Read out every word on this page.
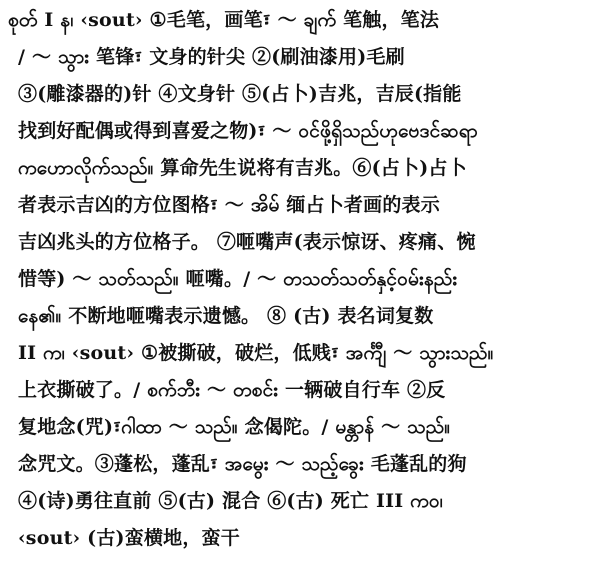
စုတ် I န၊ ‹sout› ①毛笔，画笔፣ ～ ချက် 笔触，笔法
/ ～ သွား 笔锋፣ 文身的针尖 ②(刷油漆用)毛刷
③(雕漆器的)针 ④文身针 ⑤(占卜)吉兆，吉辰(指能
找到好配偶或得到喜爱之物)፣ ～ ဝင်ဖို့ရှိသည်ဟုဗေဒင်ဆရာ
ကဟောလိုက်သည်။ 算命先生说将有吉兆。⑥(占卜)占卜
者表示吉凶的方位图格፣ ～ အိမ် 缅占卜者画的表示
吉凶兆头的方位格子。 ⑦咂嘴声(表示惊讶、疼痛、惋
惜等) ～ သတ်သည်။ 咂嘴。/ ～ တသတ်သတ်နှင့်ဝမ်းနည်း
နေ၏။ 不断地咂嘴表示遗憾。 ⑧ (古) 表名词复数
II က၊ ‹sout› ①被撕破，破烂，低贱፣ အင်္ကျီ ～ သွားသည်။
上衣撕破了。/ စက်ဘီး ～ တစင်း 一辆破自行车 ②反
复地念(咒)፣ဂါထာ ～ သည်။ 念偈陀。/ မန္တာန် ～ သည်။
念咒文。③蓬松，蓬乱፣ အမွေး ～ သည့်ခွေး 毛蓬乱的狗
④(诗)勇往直前 ⑤(古) 混合 ⑥(古) 死亡 III ကဝ၊
‹sout› (古)蛮横地，蛮干
